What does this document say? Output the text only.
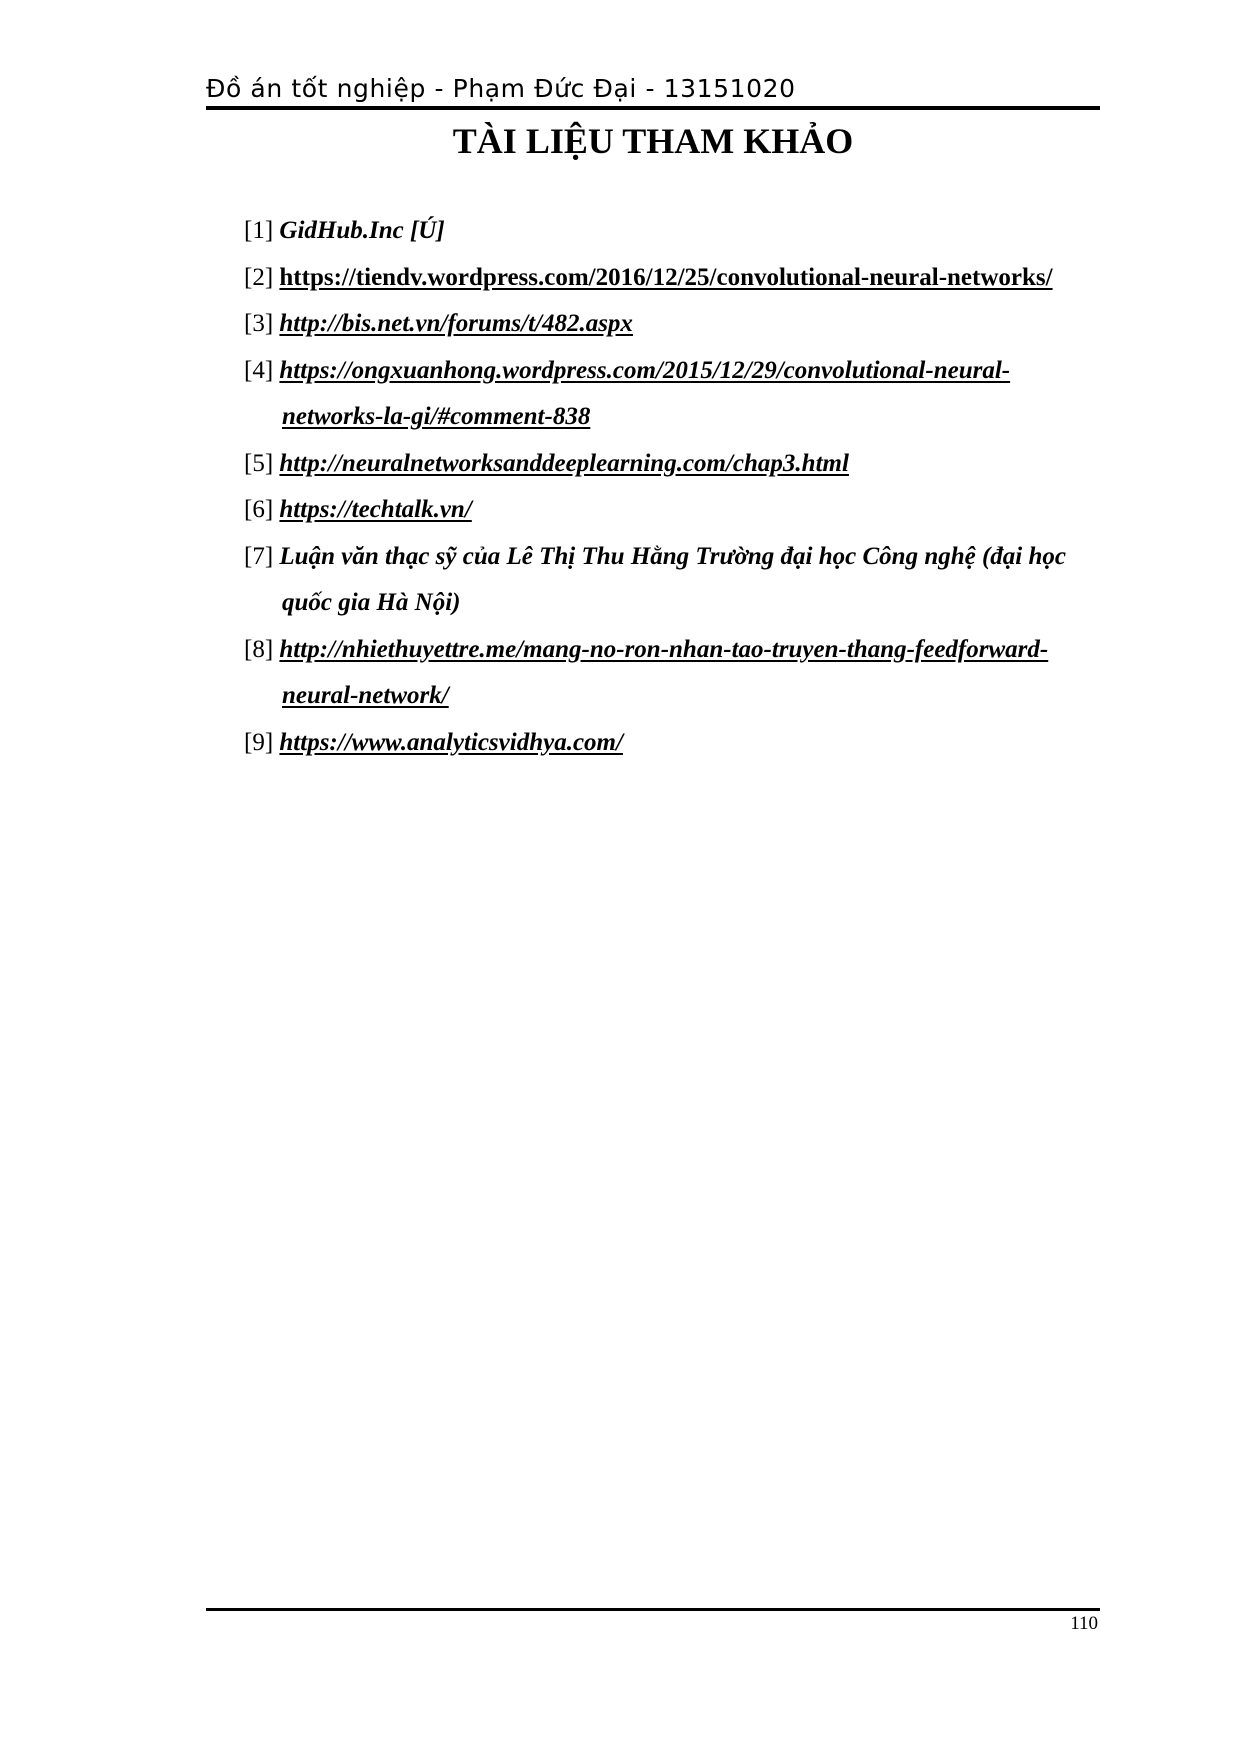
Đồ án tốt nghiệp - Phạm Đức Đại - 13151020
TÀI LIỆU THAM KHẢO
[1] GidHub.Inc [Ú]
[2] https://tiendv.wordpress.com/2016/12/25/convolutional-neural-networks/
[3] http://bis.net.vn/forums/t/482.aspx
[4] https://ongxuanhong.wordpress.com/2015/12/29/convolutional-neural-networks-la-gi/#comment-838
[5] http://neuralnetworksanddeeplearning.com/chap3.html
[6] https://techtalk.vn/
[7] Luận văn thạc sỹ của Lê Thị Thu Hằng Trường đại học Công nghệ (đại học quốc gia Hà Nội)
[8] http://nhiethuyettre.me/mang-no-ron-nhan-tao-truyen-thang-feedforward-neural-network/
[9] https://www.analyticsvidhya.com/
110
